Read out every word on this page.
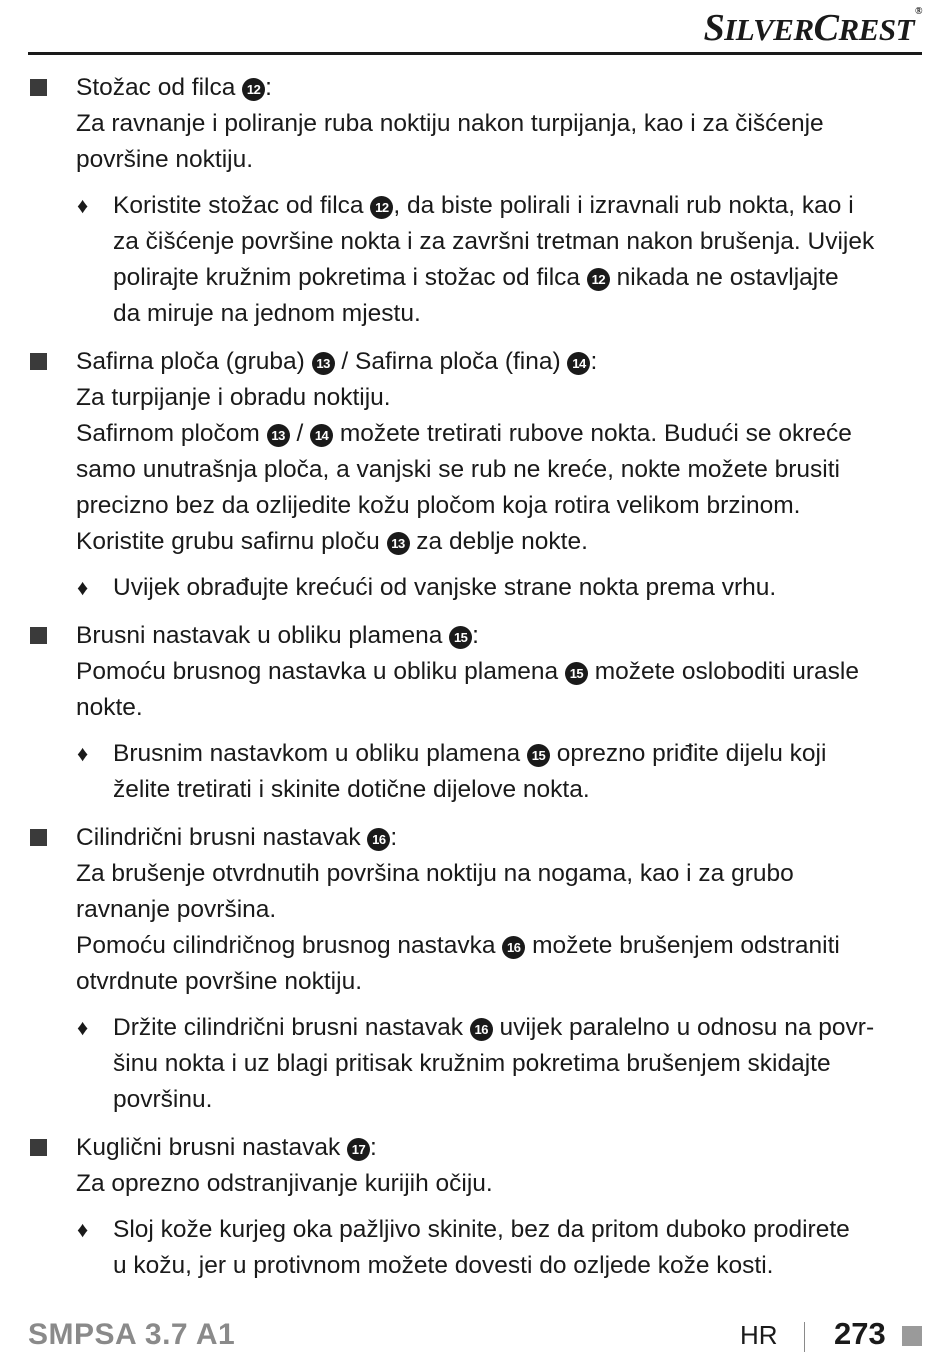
SILVERCREST®
Stožac od filca 12 :
Za ravnanje i poliranje ruba noktiju nakon turpijanja, kao i za čišćenje
površine noktiju.
♦ Koristite stožac od filca 12 , da biste polirali i izravnali rub nokta, kao i
za čišćenje površine nokta i za završni tretman nakon brušenja. Uvijek
polirajte kružnim pokretima i stožac od filca 12 nikada ne ostavljajte
da miruje na jednom mjestu.
Safirna ploča (gruba) 13 / Safirna ploča (fina) 14 :
Za turpijanje i obradu noktiju.
Safirnom pločom 13 / 14 možete tretirati rubove nokta. Budući se okreće
samo unutrašnja ploča, a vanjski se rub ne kreće, nokte možete brusiti
precizno bez da ozlijedite kožu pločom koja rotira velikom brzinom.
Koristite grubu safirnu ploču 13 za deblje nokte.
♦ Uvijek obrađujte krećući od vanjske strane nokta prema vrhu.
Brusni nastavak u obliku plamena 15 :
Pomoću brusnog nastavka u obliku plamena 15 možete osloboditi urasle
nokte.
♦ Brusnim nastavkom u obliku plamena 15 oprezno priđite dijelu koji
želite tretirati i skinite dotične dijelove nokta.
Cilindrični brusni nastavak 16 :
Za brušenje otvrdnutih površina noktiju na nogama, kao i za grubo
ravnanje površina.
Pomoću cilindričnog brusnog nastavka 16 možete brušenjem odstraniti
otvrdnute površine noktiju.
♦ Držite cilindrični brusni nastavak 16 uvijek paralelno u odnosu na povr-
šinu nokta i uz blagi pritisak kružnim pokretima brušenjem skidajte
površinu.
Kuglični brusni nastavak 17 :
Za oprezno odstranjivanje kurijih očiju.
♦ Sloj kože kurjeg oka pažljivo skinite, bez da pritom duboko prodirete
u kožu, jer u protivnom možete dovesti do ozljede kože kosti.
SMPSA 3.7 A1	HR 273
